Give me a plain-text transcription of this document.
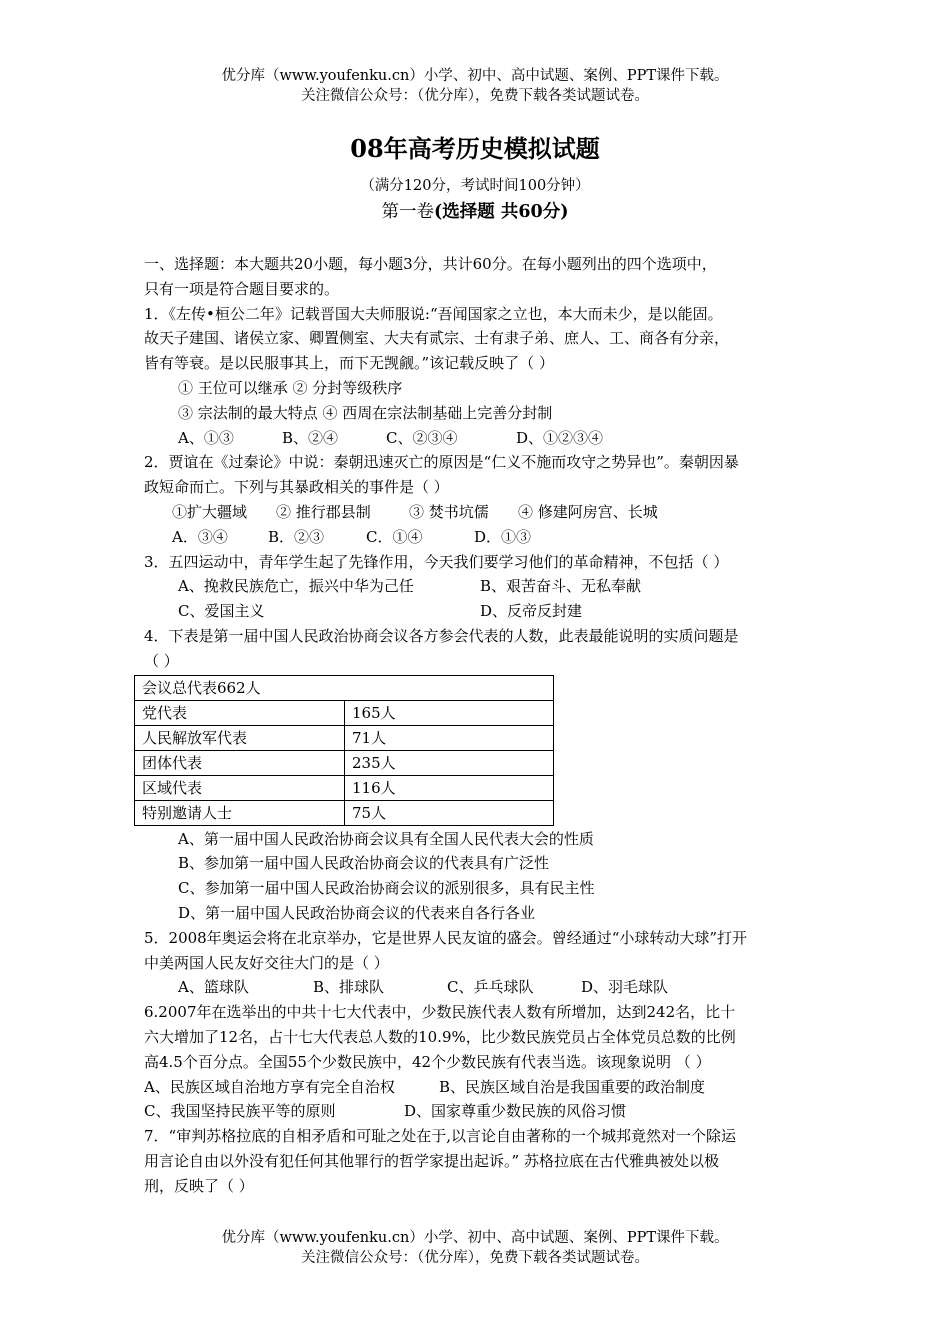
优分库（www.youfenku.cn）小学、初中、高中试题、案例、PPT课件下载。
关注微信公众号：（优分库），免费下载各类试题试卷。
08年高考历史模拟试题
（满分120分，考试时间100分钟）
第一卷(选择题 共60分)
一、选择题：本大题共20小题，每小题3分，共计60分。在每小题列出的四个选项中，
只有一项是符合题目要求的。
1．《左传•桓公二年》记载晋国大夫师服说:“吾闻国家之立也，本大而未少，是以能固。
故天子建国、诸侯立家、卿置侧室、大夫有贰宗、士有隶子弟、庶人、工、商各有分亲，
皆有等衰。是以民服事其上，而下无觊觎。”该记载反映了（ ）
① 王位可以继承 ② 分封等级秩序
③ 宗法制的最大特点 ④ 西周在宗法制基础上完善分封制
A、①③	B、②④	C、②③④	D、①②③④
2．贾谊在《过秦论》中说：秦朝迅速灭亡的原因是“仁义不施而攻守之势异也”。秦朝因暴
政短命而亡。下列与其暴政相关的事件是（ ）
①扩大疆域 ② 推行郡县制	③ 焚书坑儒 ④ 修建阿房宫、长城
A．③④	B．②③	C．①④	D．①③
3．五四运动中，青年学生起了先锋作用，今天我们要学习他们的革命精神，不包括（ ）
A、挽救民族危亡，振兴中华为己任	B、艰苦奋斗、无私奉献
C、爱国主义	D、反帝反封建
4．下表是第一届中国人民政治协商会议各方参会代表的人数，此表最能说明的实质问题是
（ ）
会议总代表662人	
党代表	165人
人民解放军代表	71人
团体代表	235人
区域代表	116人
特别邀请人士	75人
A、第一届中国人民政治协商会议具有全国人民代表大会的性质
B、参加第一届中国人民政治协商会议的代表具有广泛性
C、参加第一届中国人民政治协商会议的派别很多，具有民主性
D、第一届中国人民政治协商会议的代表来自各行各业
5．2008年奥运会将在北京举办，它是世界人民友谊的盛会。曾经通过“小球转动大球”打开
中美两国人民友好交往大门的是（ ）
A、篮球队	B、排球队	C、乒乓球队	D、羽毛球队
6.2007年在选举出的中共十七大代表中，少数民族代表人数有所增加，达到242名，比十
六大增加了12名，占十七大代表总人数的10.9%，比少数民族党员占全体党员总数的比例
高4.5个百分点。全国55个少数民族中，42个少数民族有代表当选。该现象说明 （ ）
A、民族区域自治地方享有完全自治权	B、民族区域自治是我国重要的政治制度
C、我国坚持民族平等的原则	D、国家尊重少数民族的风俗习惯
7．“审判苏格拉底的自相矛盾和可耻之处在于,以言论自由著称的一个城邦竟然对一个除运
用言论自由以外没有犯任何其他罪行的哲学家提出起诉。” 苏格拉底在古代雅典被处以极
刑，反映了（ ）
优分库（www.youfenku.cn）小学、初中、高中试题、案例、PPT课件下载。
关注微信公众号：（优分库），免费下载各类试题试卷。
